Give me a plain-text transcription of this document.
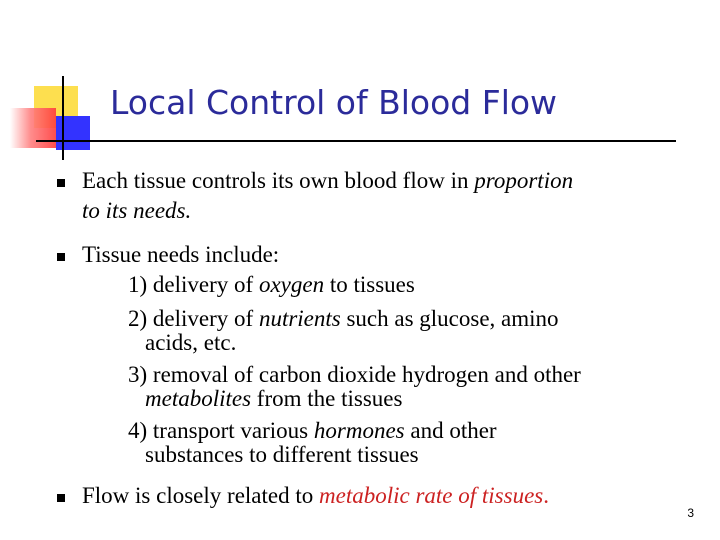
Local Control of Blood Flow
Each tissue controls its own blood flow in proportion
to its needs.
Tissue needs include:
1) delivery of oxygen to tissues
2) delivery of nutrients such as glucose, amino
acids, etc.
3) removal of carbon dioxide hydrogen and other
metabolites from the tissues
4) transport various hormones and other
substances to different tissues
Flow is closely related to metabolic rate of tissues.
3
